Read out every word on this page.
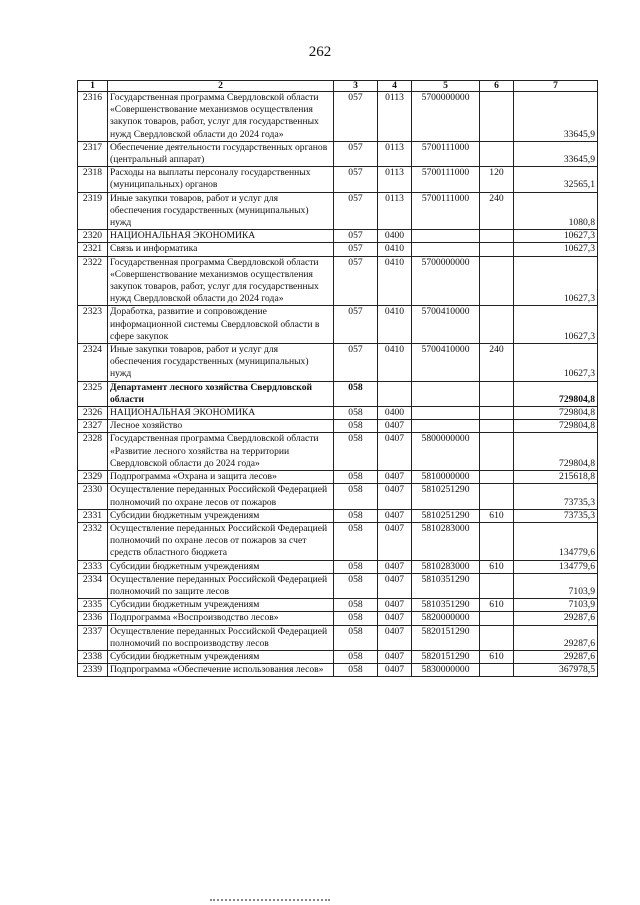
262
1	2	3	4	5	6	7
2316	Государственная программа Свердловской области «Совершенствование механизмов осуществления закупок товаров, работ, услуг для государственных нужд Свердловской области до 2024 года»	057	0113	5700000000		33645,9
2317	Обеспечение деятельности государственных органов (центральный аппарат)	057	0113	5700111000		33645,9
2318	Расходы на выплаты персоналу государственных (муниципальных) органов	057	0113	5700111000	120	32565,1
2319	Иные закупки товаров, работ и услуг для обеспечения государственных (муниципальных) нужд	057	0113	5700111000	240	1080,8
2320	НАЦИОНАЛЬНАЯ ЭКОНОМИКА	057	0400			10627,3
2321	Связь и информатика	057	0410			10627,3
2322	Государственная программа Свердловской области «Совершенствование механизмов осуществления закупок товаров, работ, услуг для государственных нужд Свердловской области до 2024 года»	057	0410	5700000000		10627,3
2323	Доработка, развитие и сопровождение информационной системы Свердловской области в сфере закупок	057	0410	5700410000		10627,3
2324	Иные закупки товаров, работ и услуг для обеспечения государственных (муниципальных) нужд	057	0410	5700410000	240	10627,3
2325	Департамент лесного хозяйства Свердловской области	058				729804,8
2326	НАЦИОНАЛЬНАЯ ЭКОНОМИКА	058	0400			729804,8
2327	Лесное хозяйство	058	0407			729804,8
2328	Государственная программа Свердловской области «Развитие лесного хозяйства на территории Свердловской области до 2024 года»	058	0407	5800000000		729804,8
2329	Подпрограмма «Охрана и защита лесов»	058	0407	5810000000		215618,8
2330	Осуществление переданных Российской Федерацией полномочий по охране лесов от пожаров	058	0407	5810251290		73735,3
2331	Субсидии бюджетным учреждениям	058	0407	5810251290	610	73735,3
2332	Осуществление переданных Российской Федерацией полномочий по охране лесов от пожаров за счет средств областного бюджета	058	0407	5810283000		134779,6
2333	Субсидии бюджетным учреждениям	058	0407	5810283000	610	134779,6
2334	Осуществление переданных Российской Федерацией полномочий по защите лесов	058	0407	5810351290		7103,9
2335	Субсидии бюджетным учреждениям	058	0407	5810351290	610	7103,9
2336	Подпрограмма «Воспроизводство лесов»	058	0407	5820000000		29287,6
2337	Осуществление переданных Российской Федерацией полномочий по воспроизводству лесов	058	0407	5820151290		29287,6
2338	Субсидии бюджетным учреждениям	058	0407	5820151290	610	29287,6
2339	Подпрограмма «Обеспечение использования лесов»	058	0407	5830000000		367978,5
